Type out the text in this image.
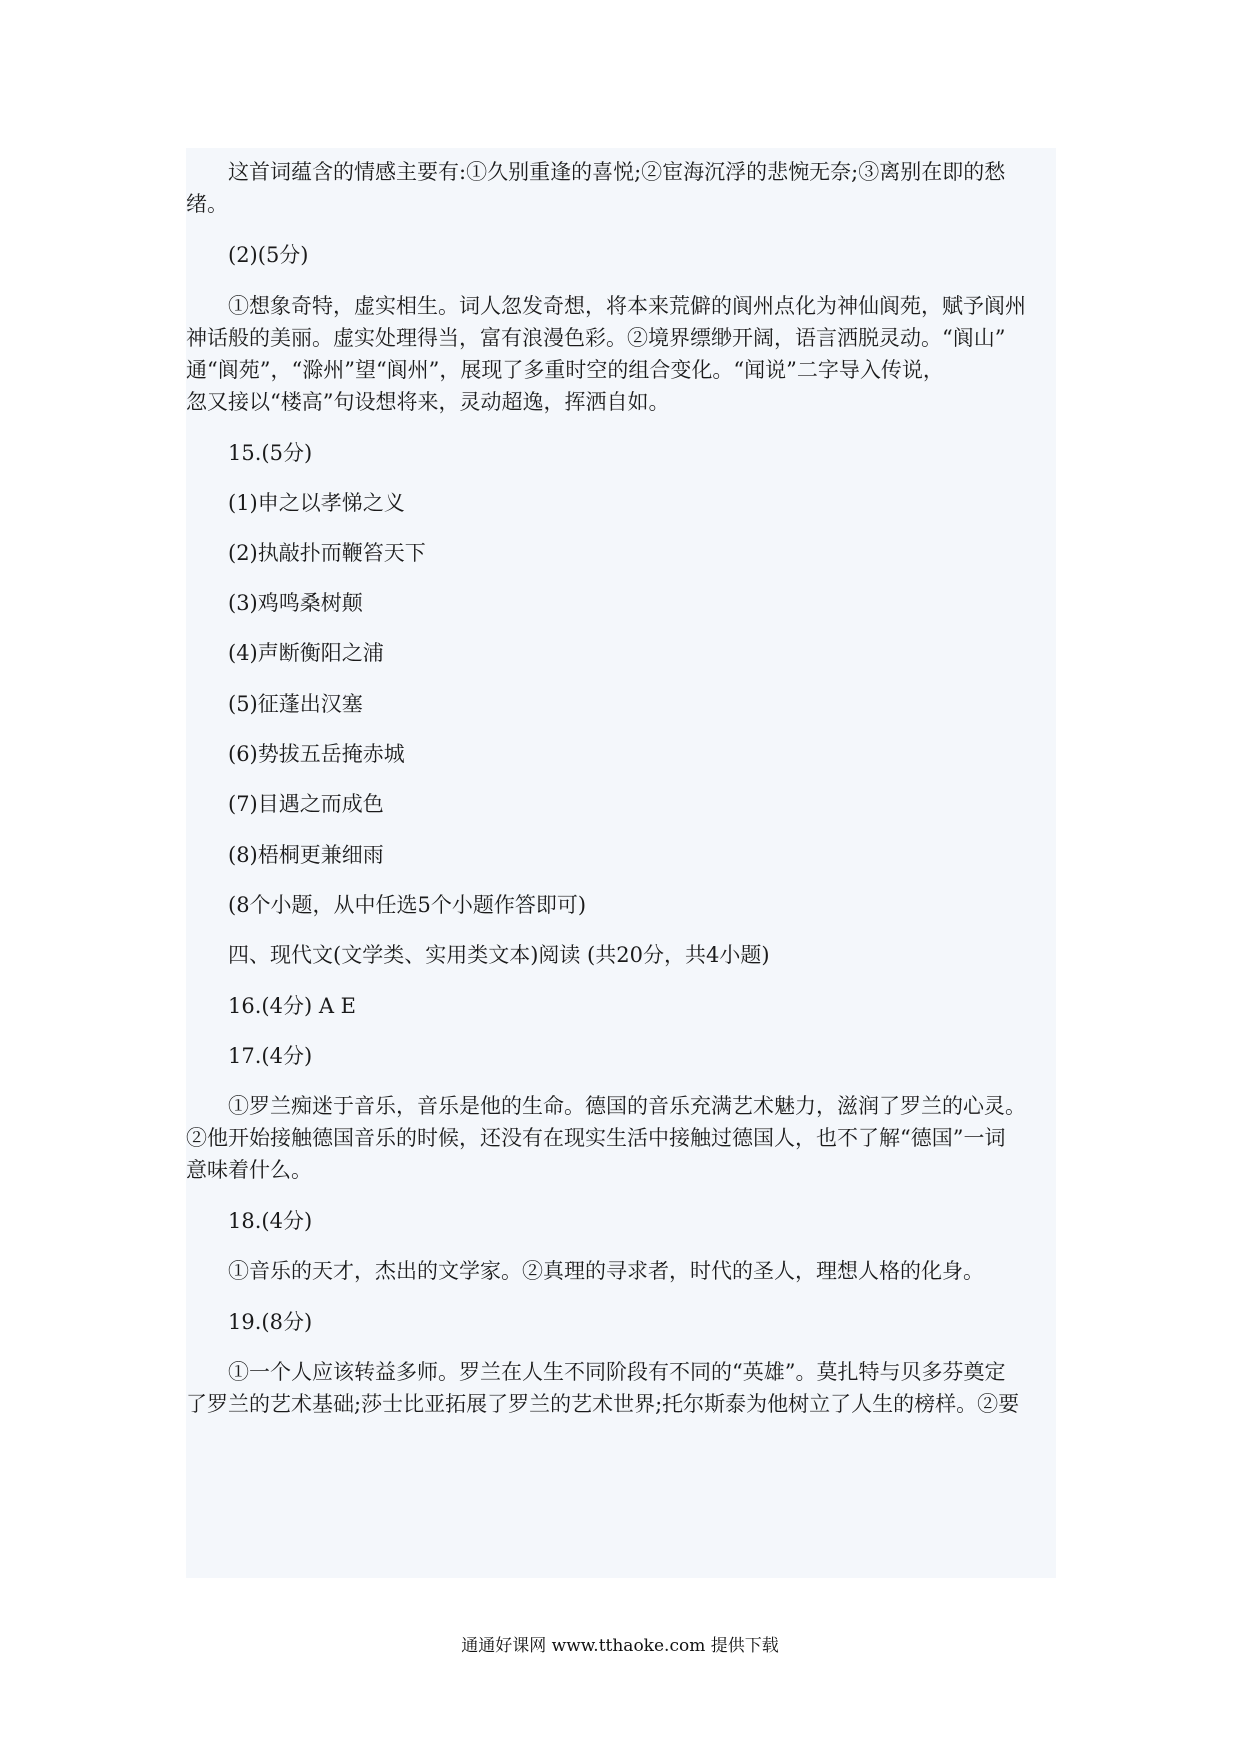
这首词蕴含的情感主要有:①久别重逢的喜悦;②宦海沉浮的悲惋无奈;③离别在即的愁
绪。
(2)(5分)
①想象奇特，虚实相生。词人忽发奇想，将本来荒僻的阆州点化为神仙阆苑，赋予阆州
神话般的美丽。虚实处理得当，富有浪漫色彩。②境界缥缈开阔，语言洒脱灵动。“阆山”
通“阆苑”，“滁州”望“阆州”，展现了多重时空的组合变化。“闻说”二字导入传说，
忽又接以“楼高”句设想将来，灵动超逸，挥洒自如。
15.(5分)
(1)申之以孝悌之义
(2)执敲扑而鞭笞天下
(3)鸡鸣桑树颠
(4)声断衡阳之浦
(5)征蓬出汉塞
(6)势拔五岳掩赤城
(7)目遇之而成色
(8)梧桐更兼细雨
(8个小题，从中任选5个小题作答即可)
四、现代文(文学类、实用类文本)阅读 (共20分，共4小题)
16.(4分) A E
17.(4分)
①罗兰痴迷于音乐，音乐是他的生命。德国的音乐充满艺术魅力，滋润了罗兰的心灵。
②他开始接触德国音乐的时候，还没有在现实生活中接触过德国人，也不了解“德国”一词
意味着什么。
18.(4分)
①音乐的天才，杰出的文学家。②真理的寻求者，时代的圣人，理想人格的化身。
19.(8分)
①一个人应该转益多师。罗兰在人生不同阶段有不同的“英雄”。莫扎特与贝多芬奠定
了罗兰的艺术基础;莎士比亚拓展了罗兰的艺术世界;托尔斯泰为他树立了人生的榜样。②要
通通好课网 www.tthaoke.com 提供下载
